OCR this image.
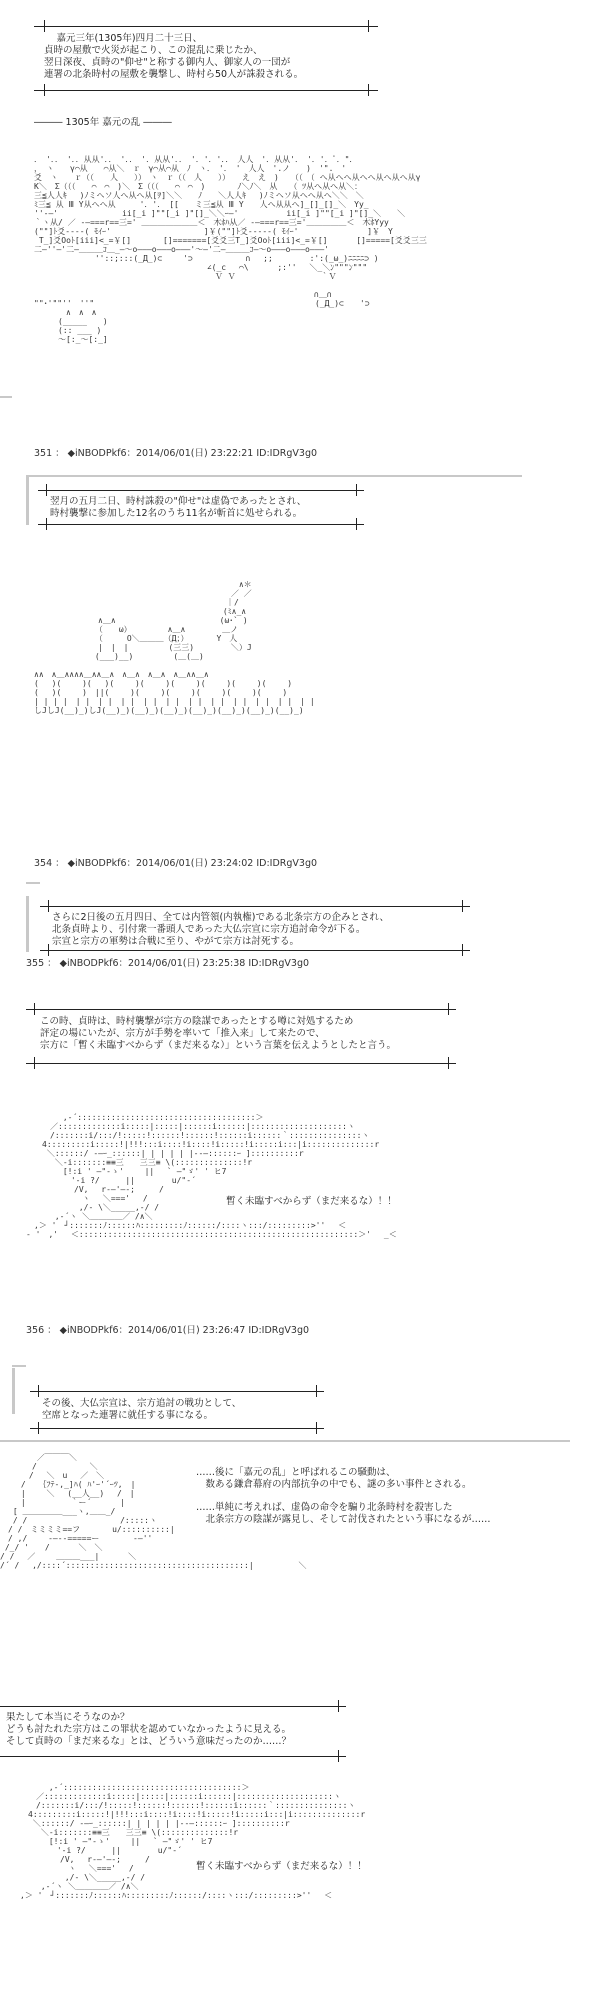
　 嘉元三年(1305年)四月二十三日、
貞時の屋敷で火災が起こり、この混乱に乗じたか、
翌日深夜、貞時の"仰せ"と称する御内人、御家人の一団が
連署の北条時村の屋敷を襲撃し、時村ら50人が誅殺される。
――― 1305年 嘉元の乱 ―――
．　'．．　'．．从从'．．　'．．　'．从从'．．　'．'．'．．　人人　'．从从'．　'．'．ﾟ．"．
，　ヽ　　γ⌒从　　⌒从＼　ｒ　γ⌒从⌒从　ﾉ　ヽ．　'．　'　人人　'.ノ　　)　'".　'
爻　ヽ　　ｒ（（　　人　　））　ヽ　ｒ（（　人　　））　　え　え　)　　（（　（ へ从へへ从へへ从へ从へ从γ
K＼　Σ（（（　　⌒　⌒　)＼　Σ（（（　　⌒　⌒　)　　　　ﾉ＼ﾉ＼　从　　（ ﾂ从へ从へ从＼：
三≦人人ｷ　 )ﾉミヘソ人へ从へ从[ｦ]＼＼　　ﾉ　　＼人人ｷ　 )ﾉミヘソ从へへ从へ＼＼　＼
ﾐ三≦ 从 Ⅲ Y从へへ从　　　'．'．　[[　　ミ三≦从 Ⅲ Y　　人へ从从へ]_[]_[]_＼　Yy_
''-―'　　　　　　　　ii[_i ]""[_i ]"[]_＼＼ｰ―'　　　　　　ii[_i ]""[_i ]"[]_＼　　＼
｀ヽ从/ ／ -―===r==三=' ＿＿＿＿＿＿＿＜　木ﾎﾊ从／ -―===r==三='＿＿＿＿＿＜　木ﾎYyy
(""]ﾄ爻----( ﾓｲｰ'　　　　　　　　　　　 ]￥(""]ﾄ爻-----( ﾓｲｰ'　　　　　　　　 ]￥　Y
T_]爻Ooﾄ[iii]<_=￥[]　　　　[]=======[爻爻三T_]爻Ooﾄ[iii]<_=￥[]　　　 []=====[爻爻三三
二―''―'二―＿＿＿ｺ＿_―～o―――o―――o―――'～―'二―＿＿＿ｺ―～o―――o―――o―――'
　　　　　　　 ''::;:::(_Д_)⊂　　 '⊃　　　　　　 ∩　 ;;　　　　 :':(_ω_)ﾆﾆﾆﾆ⊃ )
　　　　　　　　　　　　　　　　　　　　　 ∠(_c　 ⌒\　　　 ;:''　 ＼_＼ﾝ"""ﾝ"""
　　　　　　　　　　　　　　　　　　　　　　 Ｖ Ｖ　　　　　　　　　 　｀Ｖ

　　　　　　　　　　　　　　　　　　　　　　　　　　　　　　　　　　　∩＿∩
""･'""''　''"　　　　　　　　　　　　　　　　　　　　　　　　　　　 (_Д_)⊂　　'⊃
　　　　∧　∧　∧
　　　(_____　　)
　　　(:: ___ )
　　　～[:_～[:_]
351 ： ◆iNBODPkf6：2014/06/01(日) 23:22:21 ID:IDRgV3g0
翌月の五月二日、時村誅殺の"仰せ"は虚偽であったとされ、
時村襲撃に参加した12名のうち11名が斬首に処せられる。
　　　　　　　　　　　　　　　　　　　　　　　　　 ∧＊
　　　　　　　　　　　　　　　　　　　　　　　　 ／ ／
　　　　　　　　　　　　　　　　　　　　　　　　｜/
　　　　　　　　　　　　　　　　　　　　　　　 (ﾐ∧_∧
　　　　　　　　∧＿∧　　　　　　　　　　　　　(ω･` )
　　　　　　　 （　　ω）　　　　　∧＿∧　　　　 ＿ノ
　　　　　　　 （　　　O＼＿＿＿（Д；）　　　　Y　人
　　　　　　　　|　|　|　　　　　(三三)　　　　 ＼）J
　　　　　　　 (___)__)　　　　　(＿(＿)

∧∧　∧＿∧∧∧∧＿∧∧＿∧　∧＿∧　∧＿∧　∧＿∧∧＿∧
(　 )(　　 )(　 )(　　 )(　　 )(　　 )(　　 )(　　 )(　　 )
(　 )(　　 )　||(　　 )(　　 )(　　 )(　　 )(　　 )(　　 )
| | | |　| |　| |　| |　| |　| |　| |　| |　| |　| |　| |　| |
しJしJ(__)_)しJ(__)_)(__)_)(__)_)(__)_)(__)_)(__)_)(__)_)
354 ： ◆iNBODPkf6：2014/06/01(日) 23:24:02 ID:IDRgV3g0
さらに2日後の五月四日、全ては内管領(内執権)である北条宗方の企みとされ、
北条貞時より、引付衆一番頭人であった大仏宗宣に宗方追討命令が下る。
宗宣と宗方の軍勢は合戦に至り、やがて宗方は討死する。
355 ： ◆iNBODPkf6：2014/06/01(日) 23:25:38 ID:IDRgV3g0
この時、貞時は、時村襲撃が宗方の陰謀であったとする噂に対処するため
評定の場にいたが、宗方が手勢を率いて「推入来」して来たので、
宗方に「暫く未臨すべからず（まだ来るな）」という言葉を伝えようとしたと言う。
　　　　 ,-´:::::::::::::::::::::::::::::::::::::＞
　　　／:::::::::::::i:::::|:::::|::::::i::::::|::::::::::::::::::::ヽ
　　　/:::::::i/:::/!:::::!::::::!::::::!::::::i::::::｀:::::::::::::::ヽ
　　4:::::::::i:::::!|!!!:::i::::!i::::!i:::::!i:::::i:::|i::::::::::::::r
　　 ＼::::::/ -―ｰ_::::::| | | | | |--―::::::ｰ ]::::::::::r
　　　 ＼-i:::::::≡≡三　　三三≡ \(::::::::::::::!r
　　　　 [!:i ' ―"-ゝ'　　 ||　 ` ―"ゞ' ' ヒ7
　　　　　 '-i ?/ 　　 ||　　　　 u/"-´
　　　　　　/V,　 r-―'―-;　　　/
　　　　　　　ヽ　 ＼==='　 /
　　　　　　 ,/- \＼_____,-/ /
　　　 ,-´ヽ ＼＿＿＿＿／ /∧＼
　,＞ '　┘:::::::ﾉ::::::ﾊ:::::::::ﾉ::::::/::::ヽ:::/:::::::::>''　 ＜
- '　,'　 ＜::::::::::::::::::::::::::::::::::::::::::::::::::::::::::＞'　 _＜
暫く未臨すべからず（まだ来るな）！！
356 ： ◆iNBODPkf6：2014/06/01(日) 23:26:47 ID:IDRgV3g0
その後、大仏宗宣は、宗方追討の戦功として、
空席となった連署に就任する事になる。
　　　　 ／￣￣￣＼
　　　　/　　　　　　 ＼
　　　 /　 ＼　u　 ／　＼
　　 /　 ｛ﾌﾃ-,_]ﾊ( ﾊ'ｰ'´ｰﾂ,　|
　　 |　　 ＼　 (__人__)　 /　|
　　 |　　　　　 ｀ー´　　　 |
　 [ ＿＿＿＿＿___ヽ,＿＿_/
　 / /　　　　　　　　　　　 /:::::ヽ
　/ /　ミミミミ==フ　　　　u/::::::::::|
　/ ,/　　 -―--=====ー　 　　 -―''
/_/ '　　/　　　 ＼　＼
/ /　 ／　　 ＿＿＿___|　　　 ＼
/´ /　 ,/::::´::::::::::::::::::::::::::::::::::::::|　　　　　 ＼
……後に「嘉元の乱」と呼ばれるこの騒動は、
　数ある鎌倉幕府の内部抗争の中でも、謎の多い事件とされる。
……単純に考えれば、虚偽の命令を騙り北条時村を殺害した
　北条宗方の陰謀が露見し、そして討伐されたという事になるが……
果たして本当にそうなのか？
どうも討たれた宗方はこの罪状を認めていなかったように見える。
そして貞時の「まだ来るな」とは、どういう意味だったのか……？
　　　　 ,-´:::::::::::::::::::::::::::::::::::::＞
　　　／:::::::::::::i:::::|:::::|::::::i::::::|::::::::::::::::::::ヽ
　　　/:::::::i/:::/!:::::!::::::!::::::!::::::i::::::｀:::::::::::::::ヽ
　　4:::::::::i:::::!|!!!:::i::::!i::::!i:::::!i:::::i:::|i::::::::::::::r
　　 ＼::::::/ -―ｰ_::::::| | | | | |--―::::::ｰ ]::::::::::r
　　　 ＼-i:::::::≡≡三　　三三≡ \(::::::::::::::!r
　　　　 [!:i ' ―"-ゝ'　　 ||　 ` ―"ゞ' ' ヒ7
　　　　　 '-i ?/ 　　 ||　　　　 u/"-´
　　　　　　/V,　 r-―'―-;　　　/
　　　　　　　ヽ　 ＼==='　 /
　　　　　　 ,/- \＼_____,-/ /
　　　 ,-´ヽ ＼＿＿＿＿／ /∧＼
　,＞ '　┘:::::::ﾉ::::::ﾊ:::::::::ﾉ::::::/::::ヽ:::/:::::::::>''　 ＜
暫く未臨すべからず（まだ来るな）！！
